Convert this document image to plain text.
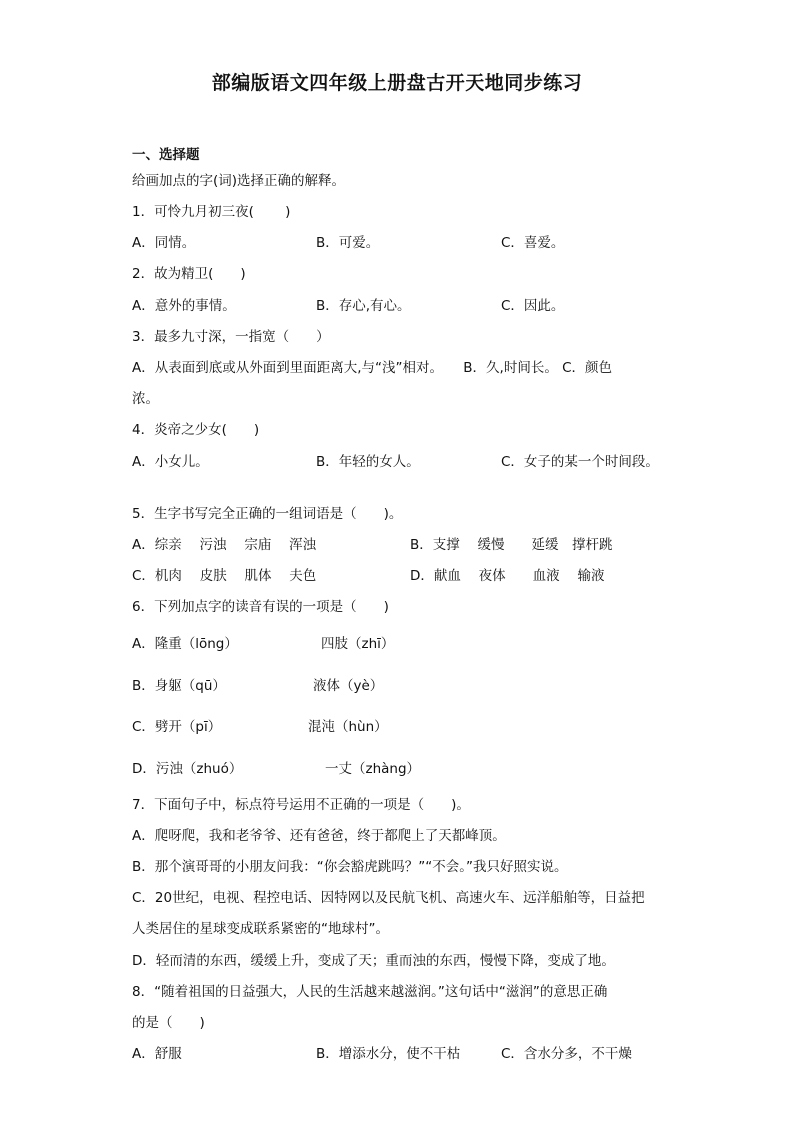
部编版语文四年级上册盘古开天地同步练习
一、选择题
给画加点的字(词)选择正确的解释。
1．可怜九月初三夜(　　 )
A．同情。	B．可爱。	C．喜爱。
2．故为精卫(　　)
A．意外的事情。	B．存心,有心。	C．因此。
3．最多九寸深，一指宽（　　）
A．从表面到底或从外面到里面距离大,与“浅”相对。　　B．久,时间长。 C．颜色
浓。
4．炎帝之少女(　　)
A．小女儿。	B．年轻的女人。	C．女子的某一个时间段。
5．生字书写完全正确的一组词语是（　　)。
A．综亲　 污浊　 宗庙　 浑浊	B．支撑　 缓慢　　延缓　撑杆跳
C．机肉　 皮肤　 肌体　 夫色	D．献血　 夜体　　血液　 输液
6．下列加点字的读音有误的一项是（　　)
A．隆重（lōng）	四肢（zhī）
B．身躯（qū）	液体（yè）
C．劈开（pī）	混沌（hùn）
D．污浊（zhuó）	一丈（zhàng）
7．下面句子中，标点符号运用不正确的一项是（　　)。
A．爬呀爬，我和老爷爷、还有爸爸，终于都爬上了天都峰顶。
B．那个演哥哥的小朋友问我：“你会豁虎跳吗？”“不会。”我只好照实说。
C．20世纪，电视、程控电话、因特网以及民航飞机、高速火车、远洋船舶等，日益把
人类居住的星球变成联系紧密的“地球村”。
D．轻而清的东西，缓缓上升，变成了天；重而浊的东西，慢慢下降，变成了地。
8．“随着祖国的日益强大，人民的生活越来越滋润。”这句话中“滋润”的意思正确
的是（　　)
A．舒服	B．增添水分，使不干枯	C．含水分多，不干燥
